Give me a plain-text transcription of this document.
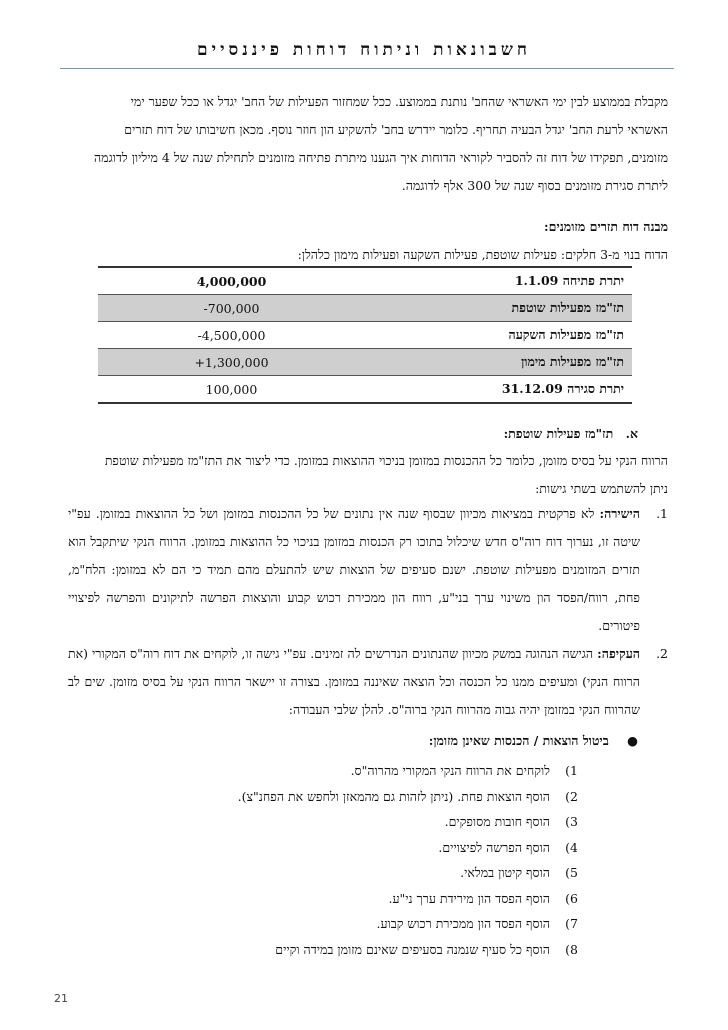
חשבונאות וניתוח דוחות פיננסיים

מקבלת בממוצע לבין ימי האשראי שהחב' נותנת בממוצע. ככל שמחזור הפעילות של החב' יגדל או ככל שפער ימי

האשראי לרעת החב' יגדל הבעיה תחריף. כלומר יידרש בחב' להשקיע הון חוזר נוסף. מכאן חשיבותו של דוח תזרים

מזומנים, תפקידו של דוח זה להסביר לקוראי הדוחות איך הגענו מיתרת פתיחה מזומנים לתחילת שנה של 4 מיליון לדוגמה

ליתרת סגירת מזומנים בסוף שנה של 300 אלף לדוגמה.

מבנה דוח תזרים מזומנים:

הדוח בנוי מ-3 חלקים: פעילות שוטפת, פעילות השקעה ופעילות מימון כלהלן:

יתרת פתיחה 1.1.09	4,000,000
תז"מז מפעילות שוטפת	-700,000
תז"מז מפעילות השקעה	-4,500,000
תז"מז מפעילות מימון	+1,300,000
יתרת סגירה 31.12.09	100,000
א. תז"מז פעילות שוטפת:

הרווח הנקי על בסיס מזומן, כלומר כל ההכנסות במזומן בניכוי ההוצאות במזומן. כדי ליצור את התז"מז מפעילות שוטפת

ניתן להשתמש בשתי גישות:

1.
הישירה: לא פרקטית במציאות מכיוון שבסוף שנה אין נתונים של כל ההכנסות במזומן ושל כל ההוצאות במזומן. עפ"י שיטה זו, נערוך דוח רוה"ס חדש שיכלול בתוכו רק הכנסות במזומן בניכוי כל ההוצאות במזומן. הרווח הנקי שיתקבל הוא תזרים המזומנים מפעילות שוטפת. ישנם סעיפים של הוצאות שיש להתעלם מהם תמיד כי הם לא במזומן: הלח"מ, פחת, רווח/הפסד הון משינוי ערך בני"ע, רווח הון ממכירת רכוש קבוע והוצאות הפרשה לתיקונים והפרשה לפיצויי פיטורים.
2.
העקיפה: הגישה הנהוגה במשק מכיוון שהנתונים הנדרשים לה זמינים. עפ"י גישה זו, לוקחים את דוח רוה"ס המקורי (את הרווח הנקי) ומעיפים ממנו כל הכנסה וכל הוצאה שאיננה במזומן. בצורה זו יישאר הרווח הנקי על בסיס מזומן. שים לב שהרווח הנקי במזומן יהיה גבוה מהרווח הנקי ברוה"ס. להלן שלבי העבודה:
● ביטול הוצאות / הכנסות שאינן מזומן:
1)לוקחים את הרווח הנקי המקורי מהרוה"ס.
2)הוסף הוצאות פחת. (ניתן לזהות גם מהמאזן ולחפש את הפחנ"צ).
3)הוסף חובות מסופקים.
4)הוסף הפרשה לפיצויים.
5)הוסף קיטון במלאי.
6)הוסף הפסד הון מירידת ערך ני"ע.
7)הוסף הפסד הון ממכירת רכוש קבוע.
8)הוסף כל סעיף שנמנה בסעיפים שאינם מזומן במידה וקיים
21
